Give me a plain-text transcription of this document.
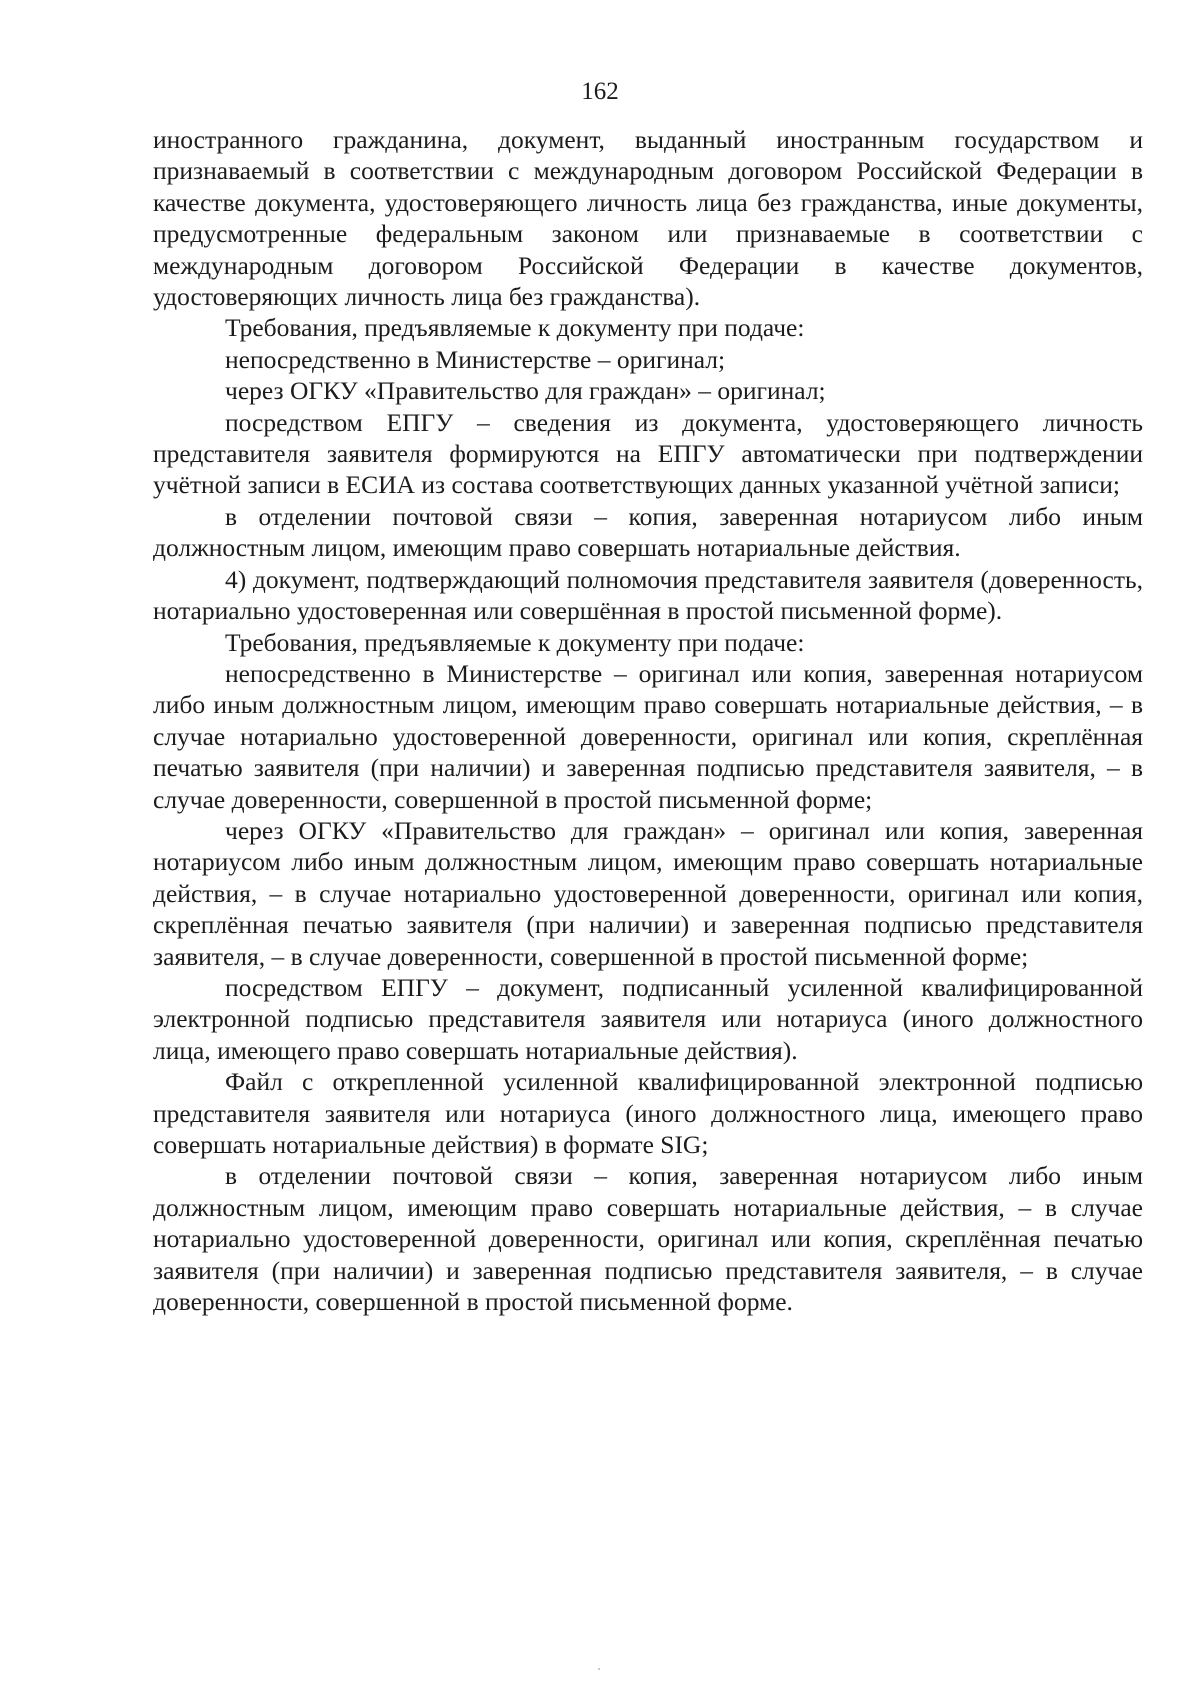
162

иностранного гражданина, документ, выданный иностранным государством и признаваемый в соответствии с международным договором Российской Федерации в качестве документа, удостоверяющего личность лица без гражданства, иные документы, предусмотренные федеральным законом или признаваемые в соответствии с международным договором Российской Федерации в качестве документов, удостоверяющих личность лица без гражданства).

Требования, предъявляемые к документу при подаче:

непосредственно в Министерстве – оригинал;

через ОГКУ «Правительство для граждан» – оригинал;

посредством ЕПГУ – сведения из документа, удостоверяющего личность представителя заявителя формируются на ЕПГУ автоматически при подтверждении учётной записи в ЕСИА из состава соответствующих данных указанной учётной записи;

в отделении почтовой связи – копия, заверенная нотариусом либо иным должностным лицом, имеющим право совершать нотариальные действия.

4) документ, подтверждающий полномочия представителя заявителя (доверенность, нотариально удостоверенная или совершённая в простой письменной форме).

Требования, предъявляемые к документу при подаче:

непосредственно в Министерстве – оригинал или копия, заверенная нотариусом либо иным должностным лицом, имеющим право совершать нотариальные действия, – в случае нотариально удостоверенной доверенности, оригинал или копия, скреплённая печатью заявителя (при наличии) и заверенная подписью представителя заявителя, – в случае доверенности, совершенной в простой письменной форме;

через ОГКУ «Правительство для граждан» – оригинал или копия, заверенная нотариусом либо иным должностным лицом, имеющим право совершать нотариальные действия, – в случае нотариально удостоверенной доверенности, оригинал или копия, скреплённая печатью заявителя (при наличии) и заверенная подписью представителя заявителя, – в случае доверенности, совершенной в простой письменной форме;

посредством ЕПГУ – документ, подписанный усиленной квалифицированной электронной подписью представителя заявителя или нотариуса (иного должностного лица, имеющего право совершать нотариальные действия).

Файл с открепленной усиленной квалифицированной электронной подписью представителя заявителя или нотариуса (иного должностного лица, имеющего право совершать нотариальные действия) в формате SIG;

в отделении почтовой связи – копия, заверенная нотариусом либо иным должностным лицом, имеющим право совершать нотариальные действия, – в случае нотариально удостоверенной доверенности, оригинал или копия, скреплённая печатью заявителя (при наличии) и заверенная подписью представителя заявителя, – в случае доверенности, совершенной в простой письменной форме.
